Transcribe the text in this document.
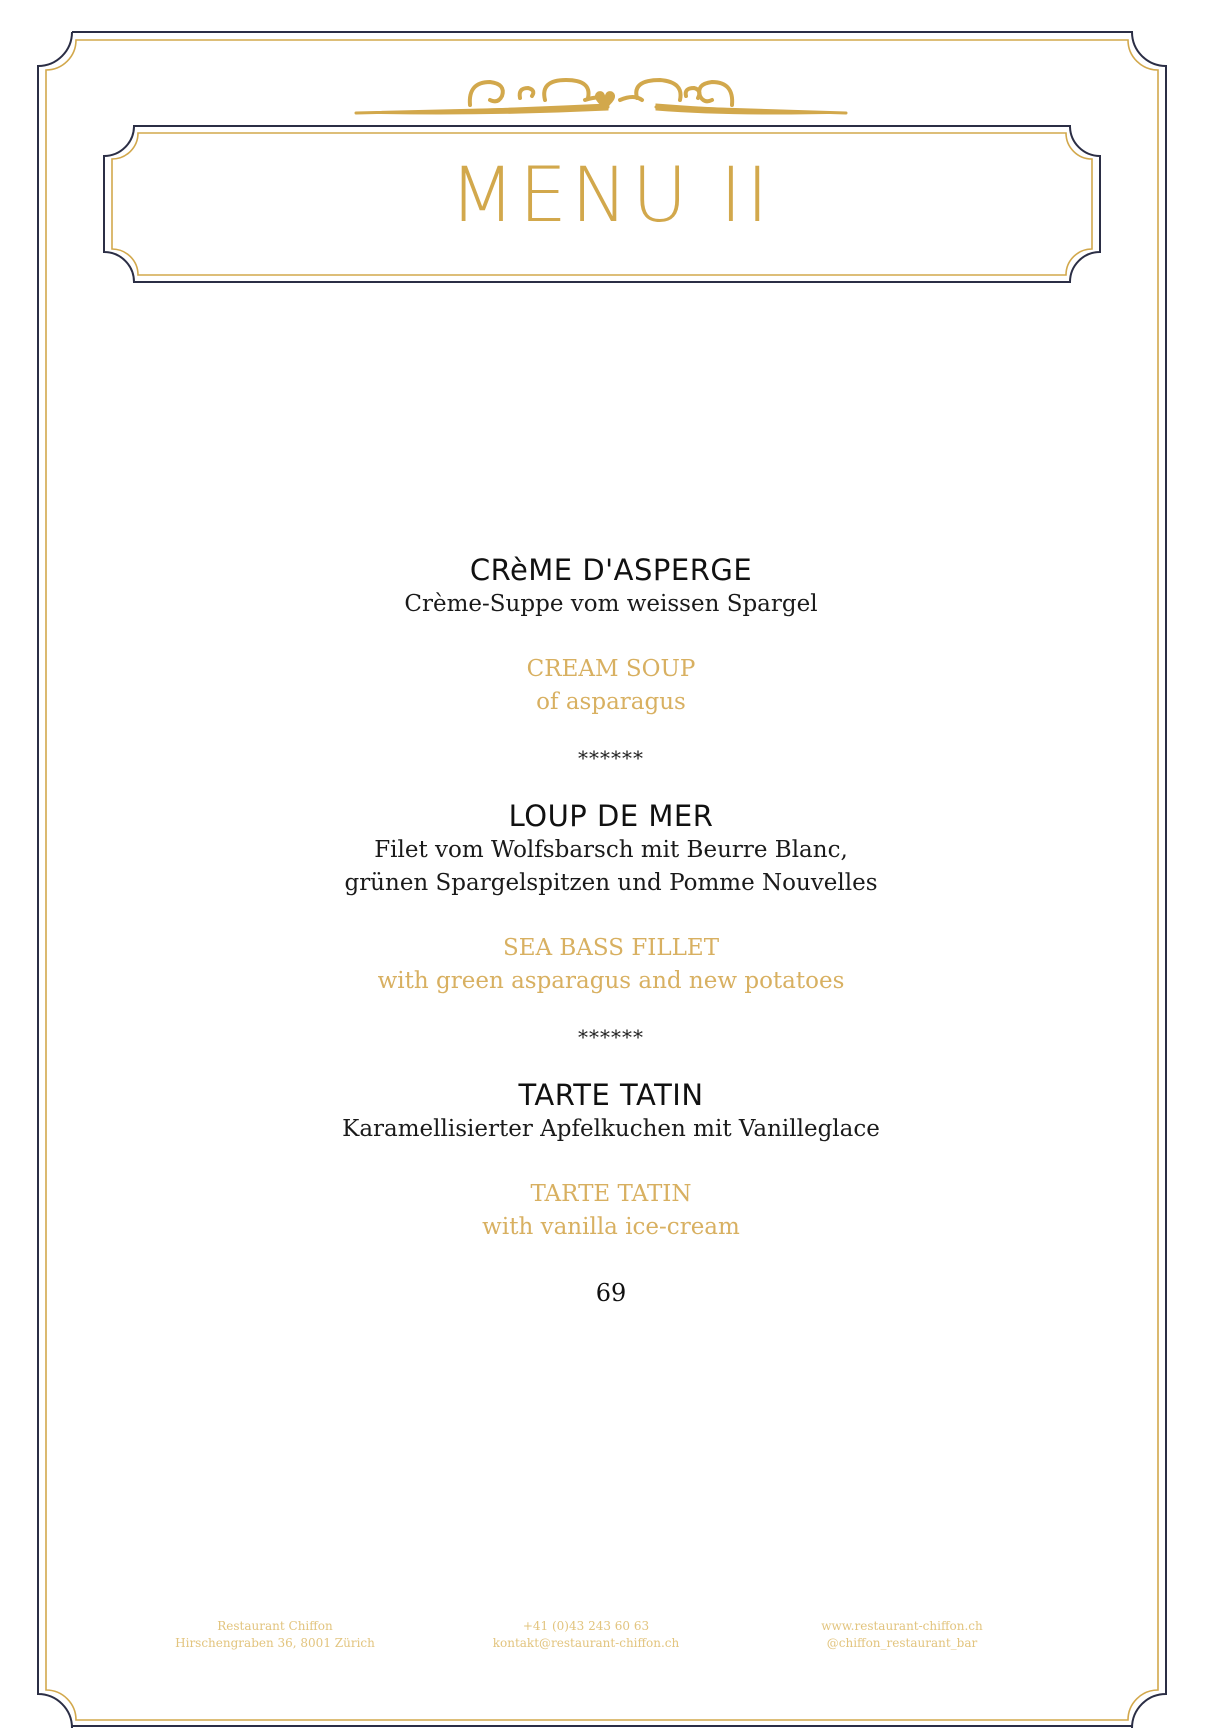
MENU II
CRèME D'ASPERGE
Crème-Suppe vom weissen Spargel
CREAM SOUP
of asparagus
******
LOUP DE MER
Filet vom Wolfsbarsch mit Beurre Blanc,
grünen Spargelspitzen und Pomme Nouvelles
SEA BASS FILLET
with green asparagus and new potatoes
******
TARTE TATIN
Karamellisierter Apfelkuchen mit Vanilleglace
TARTE TATIN
with vanilla ice-cream
69
Restaurant Chiffon
Hirschengraben 36, 8001 Zürich
+41 (0)43 243 60 63
kontakt@restaurant-chiffon.ch
www.restaurant-chiffon.ch
@chiffon_restaurant_bar
